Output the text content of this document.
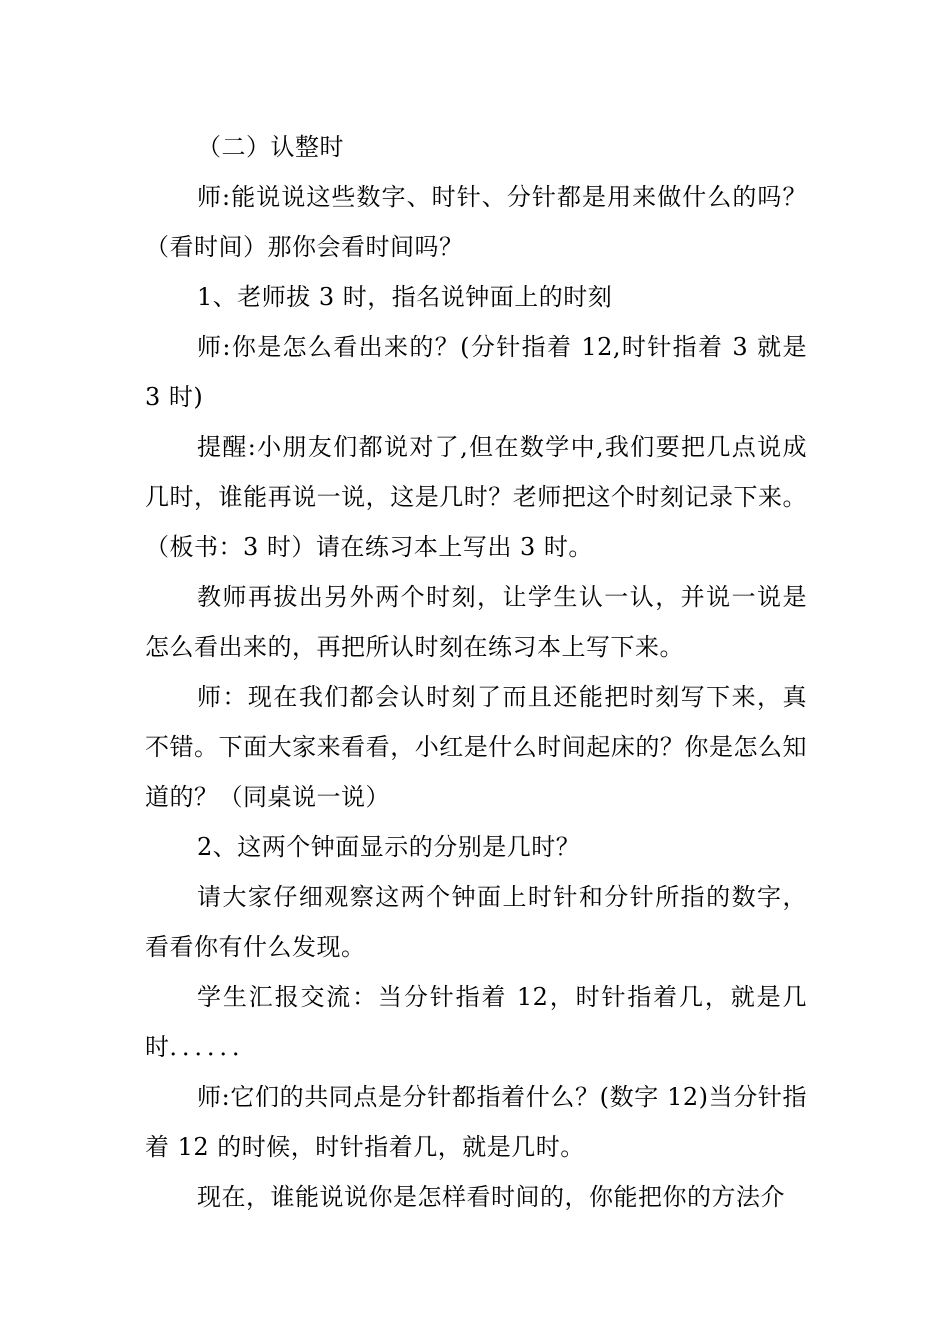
（二）认整时

师:能说说这些数字、时针、分针都是用来做什么的吗？（看时间）那你会看时间吗？

1、老师拔 3 时，指名说钟面上的时刻

师:你是怎么看出来的？(分针指着 12,时针指着 3 就是 3 时)

提醒:小朋友们都说对了,但在数学中,我们要把几点说成几时，谁能再说一说，这是几时？老师把这个时刻记录下来。（板书：3 时）请在练习本上写出 3 时。

教师再拔出另外两个时刻，让学生认一认，并说一说是怎么看出来的，再把所认时刻在练习本上写下来。

师：现在我们都会认时刻了而且还能把时刻写下来，真不错。下面大家来看看，小红是什么时间起床的？你是怎么知道的？（同桌说一说）

2、这两个钟面显示的分别是几时？

请大家仔细观察这两个钟面上时针和分针所指的数字，看看你有什么发现。

学生汇报交流：当分针指着 12，时针指着几，就是几时．．．．．．

师:它们的共同点是分针都指着什么？(数字 12)当分针指着 12 的时候，时针指着几，就是几时。

现在，谁能说说你是怎样看时间的，你能把你的方法介
